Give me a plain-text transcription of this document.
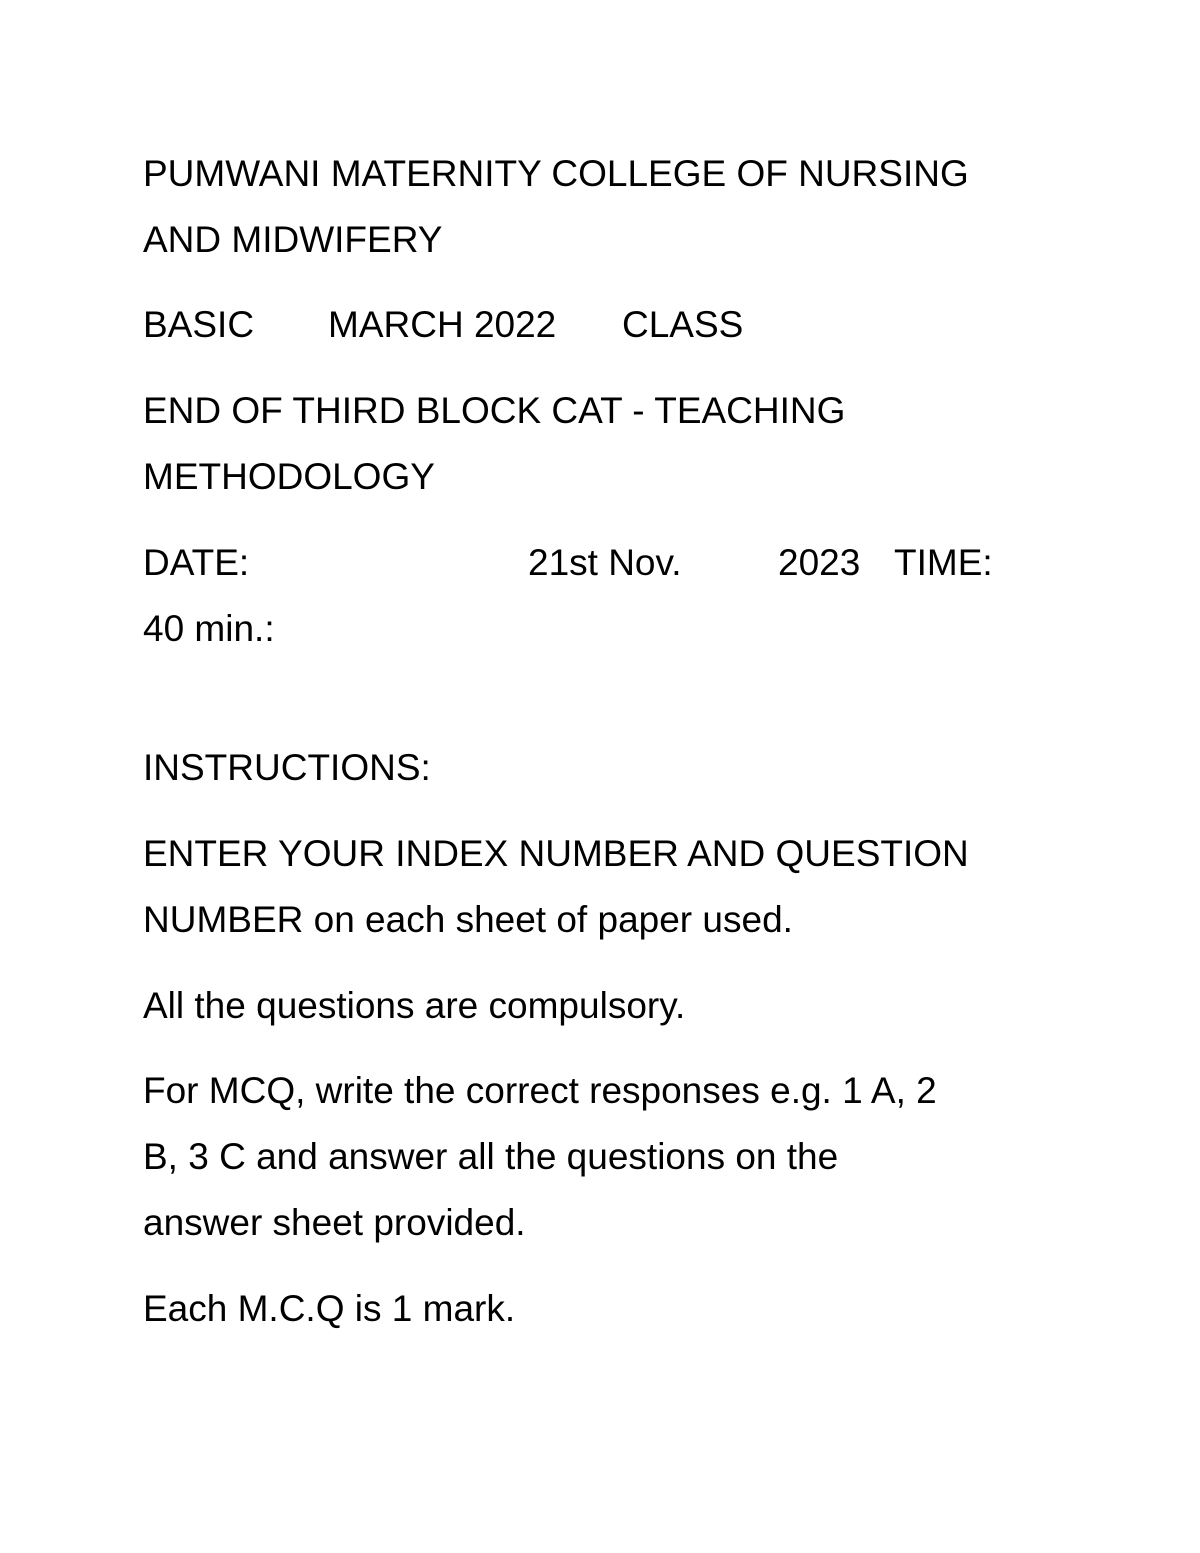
PUMWANI MATERNITY COLLEGE OF NURSING
AND MIDWIFERY
BASIC MARCH 2022 CLASS
END OF THIRD BLOCK CAT - TEACHING
METHODOLOGY
DATE:	21st Nov.	2023 TIME:
40 min.:
INSTRUCTIONS:
ENTER YOUR INDEX NUMBER AND QUESTION
NUMBER on each sheet of paper used.
All the questions are compulsory.
For MCQ, write the correct responses e.g. 1 A, 2
B, 3 C and answer all the questions on the
answer sheet provided.
Each M.C.Q is 1 mark.
